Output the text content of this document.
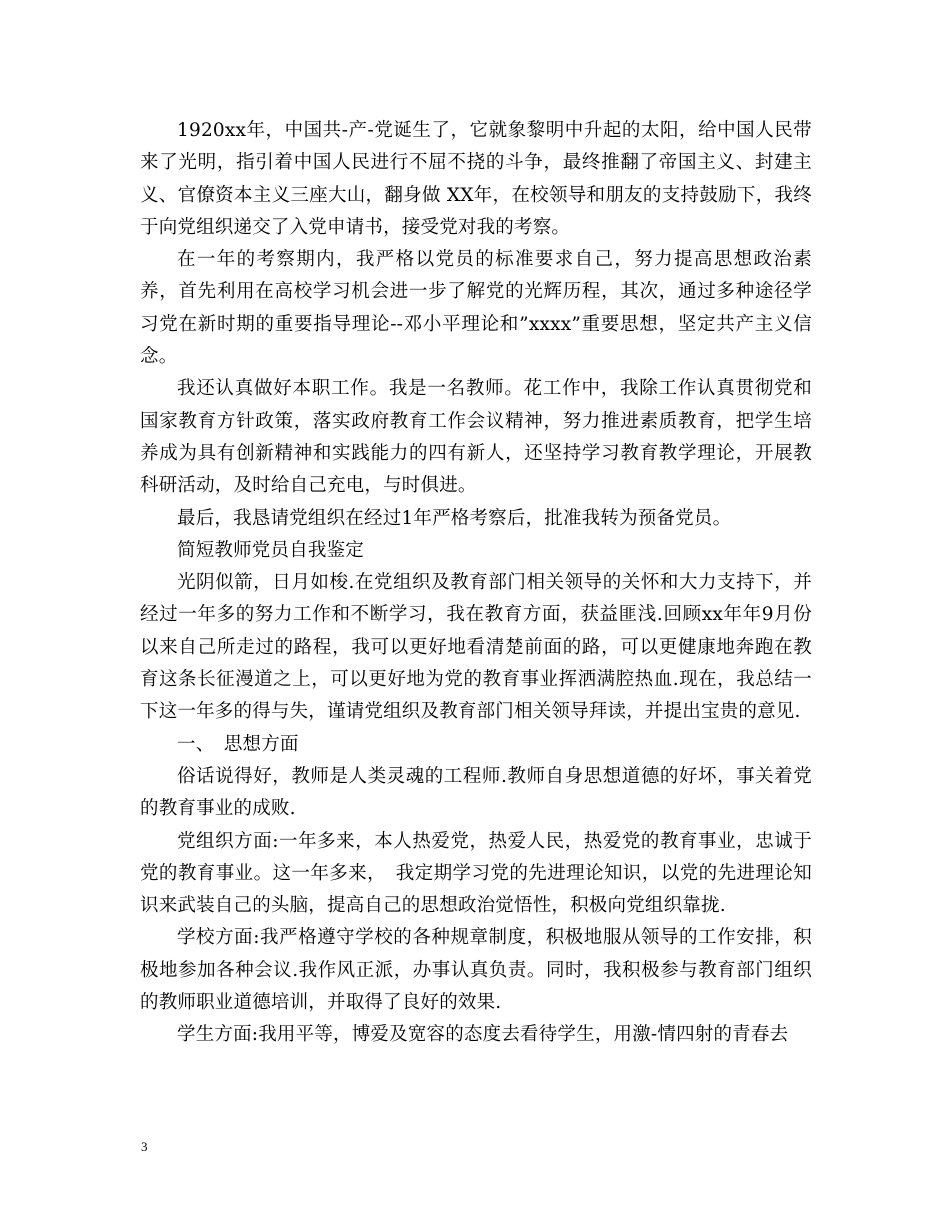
1920xx年，中国共-产-党诞生了，它就象黎明中升起的太阳，给中国人民带来了光明，指引着中国人民进行不屈不挠的斗争，最终推翻了帝国主义、封建主义、官僚资本主义三座大山，翻身做 XX年，在校领导和朋友的支持鼓励下，我终于向党组织递交了入党申请书，接受党对我的考察。

在一年的考察期内，我严格以党员的标准要求自己，努力提高思想政治素养，首先利用在高校学习机会进一步了解党的光辉历程，其次，通过多种途径学习党在新时期的重要指导理论--邓小平理论和”xxxx”重要思想，坚定共产主义信念。

我还认真做好本职工作。我是一名教师。花工作中，我除工作认真贯彻党和国家教育方针政策，落实政府教育工作会议精神，努力推进素质教育，把学生培养成为具有创新精神和实践能力的四有新人，还坚持学习教育教学理论，开展教科研活动，及时给自己充电，与时俱进。

最后，我恳请党组织在经过1年严格考察后，批准我转为预备党员。

简短教师党员自我鉴定

光阴似箭，日月如梭.在党组织及教育部门相关领导的关怀和大力支持下，并经过一年多的努力工作和不断学习，我在教育方面，获益匪浅.回顾xx年年9月份以来自己所走过的路程，我可以更好地看清楚前面的路，可以更健康地奔跑在教育这条长征漫道之上，可以更好地为党的教育事业挥洒满腔热血.现在，我总结一下这一年多的得与失，谨请党组织及教育部门相关领导拜读，并提出宝贵的意见.

一、　思想方面

俗话说得好，教师是人类灵魂的工程师.教师自身思想道德的好坏，事关着党的教育事业的成败.

党组织方面:一年多来，本人热爱党，热爱人民，热爱党的教育事业，忠诚于党的教育事业。这一年多来，　我定期学习党的先进理论知识，以党的先进理论知识来武装自己的头脑，提高自己的思想政治觉悟性，积极向党组织靠拢.

学校方面:我严格遵守学校的各种规章制度，积极地服从领导的工作安排，积极地参加各种会议.我作风正派，办事认真负责。同时，我积极参与教育部门组织的教师职业道德培训，并取得了良好的效果.

学生方面:我用平等，博爱及宽容的态度去看待学生，用激-情四射的青春去

3
